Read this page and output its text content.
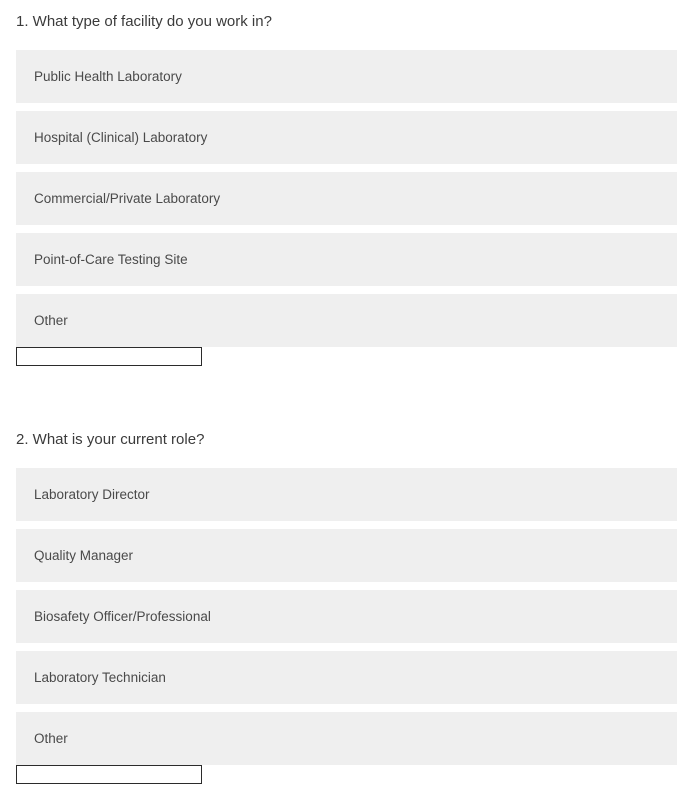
1. What type of facility do you work in?
Public Health Laboratory
Hospital (Clinical) Laboratory
Commercial/Private Laboratory
Point-of-Care Testing Site
Other
2. What is your current role?
Laboratory Director
Quality Manager
Biosafety Officer/Professional
Laboratory Technician
Other
